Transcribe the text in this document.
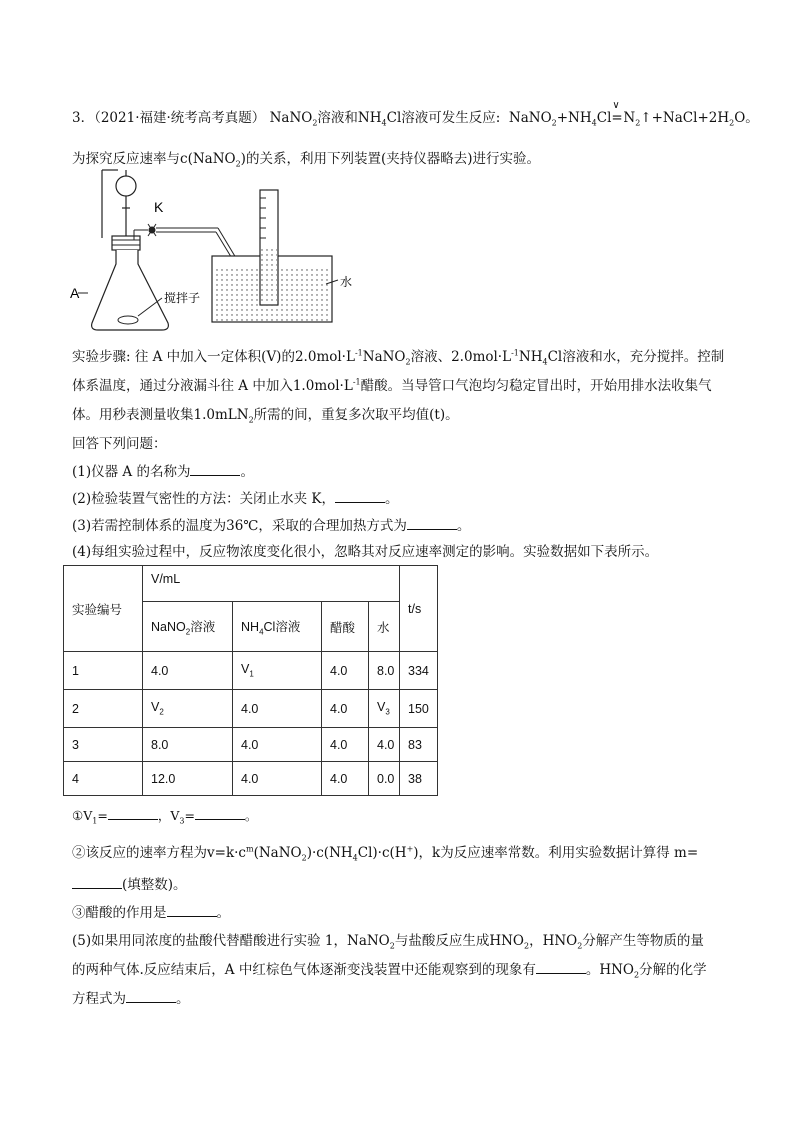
3．（2021·福建·统考高考真题） NaNO$_2$溶液和$NH_4Cl$溶液可发生反应: $NaNO_2+NH_4Cl$
∨
$=N_2↑+NaCl+2H_2O$。
为探究反应速率与c(NaNO$_2$)的关系，利用下列装置(夹持仪器略去)进行实验。
K
A	搅拌子
水
实验步骤: 往 A 中加入一定体积(V)的$2.0mol\cdot L^{-1}NaNO_2$溶液、$2.0mol\cdot L^{-1}NH_4Cl$溶液和水，充分搅拌。控制
体系温度，通过分液漏斗往 A 中加入$1.0mol\cdot L^{-1}$醋酸。当导管口气泡均匀稳定冒出时，开始用排水法收集气
体。用秒表测量收集1.0mLN$_2$所需的间，重复多次取平均值(t)。
回答下列问题：
(1)仪器 A 的名称为	。
(2)检验装置气密性的方法：关闭止水夹 K，	。
(3)若需控制体系的温度为36℃，采取的合理加热方式为	。
(4)每组实验过程中，反应物浓度变化很小，忽略其对反应速率测定的影响。实验数据如下表所示。
实验编号	V/mL				t/s
	NaNO$_2$溶液	$NH_4Cl$溶液	醋酸	水	
1	4.0	$V_1$	4.0	8.0	334
2	$V_2$	4.0	4.0	$V_3$	150
3	8.0	4.0	4.0	4.0	83
4	12.0	4.0	4.0	0.0	38
$①V_1=$	，$V_3=$	。
②该反应的速率方程为$v=k\cdot c^m(NaNO_2)\cdot c(NH_4Cl)\cdot c(H^+)$，k为反应速率常数。利用实验数据计算得 m=
(填整数)。
③醋酸的作用是	。
(5)如果用同浓度的盐酸代替醋酸进行实验 1，NaNO$_2$与盐酸反应生成$HNO_2$，$HNO_2$分解产生等物质的量
的两种气体.反应结束后，A 中红棕色气体逐渐变浅装置中还能观察到的现象有	。$HNO_2$分解的化学
方程式为	。
